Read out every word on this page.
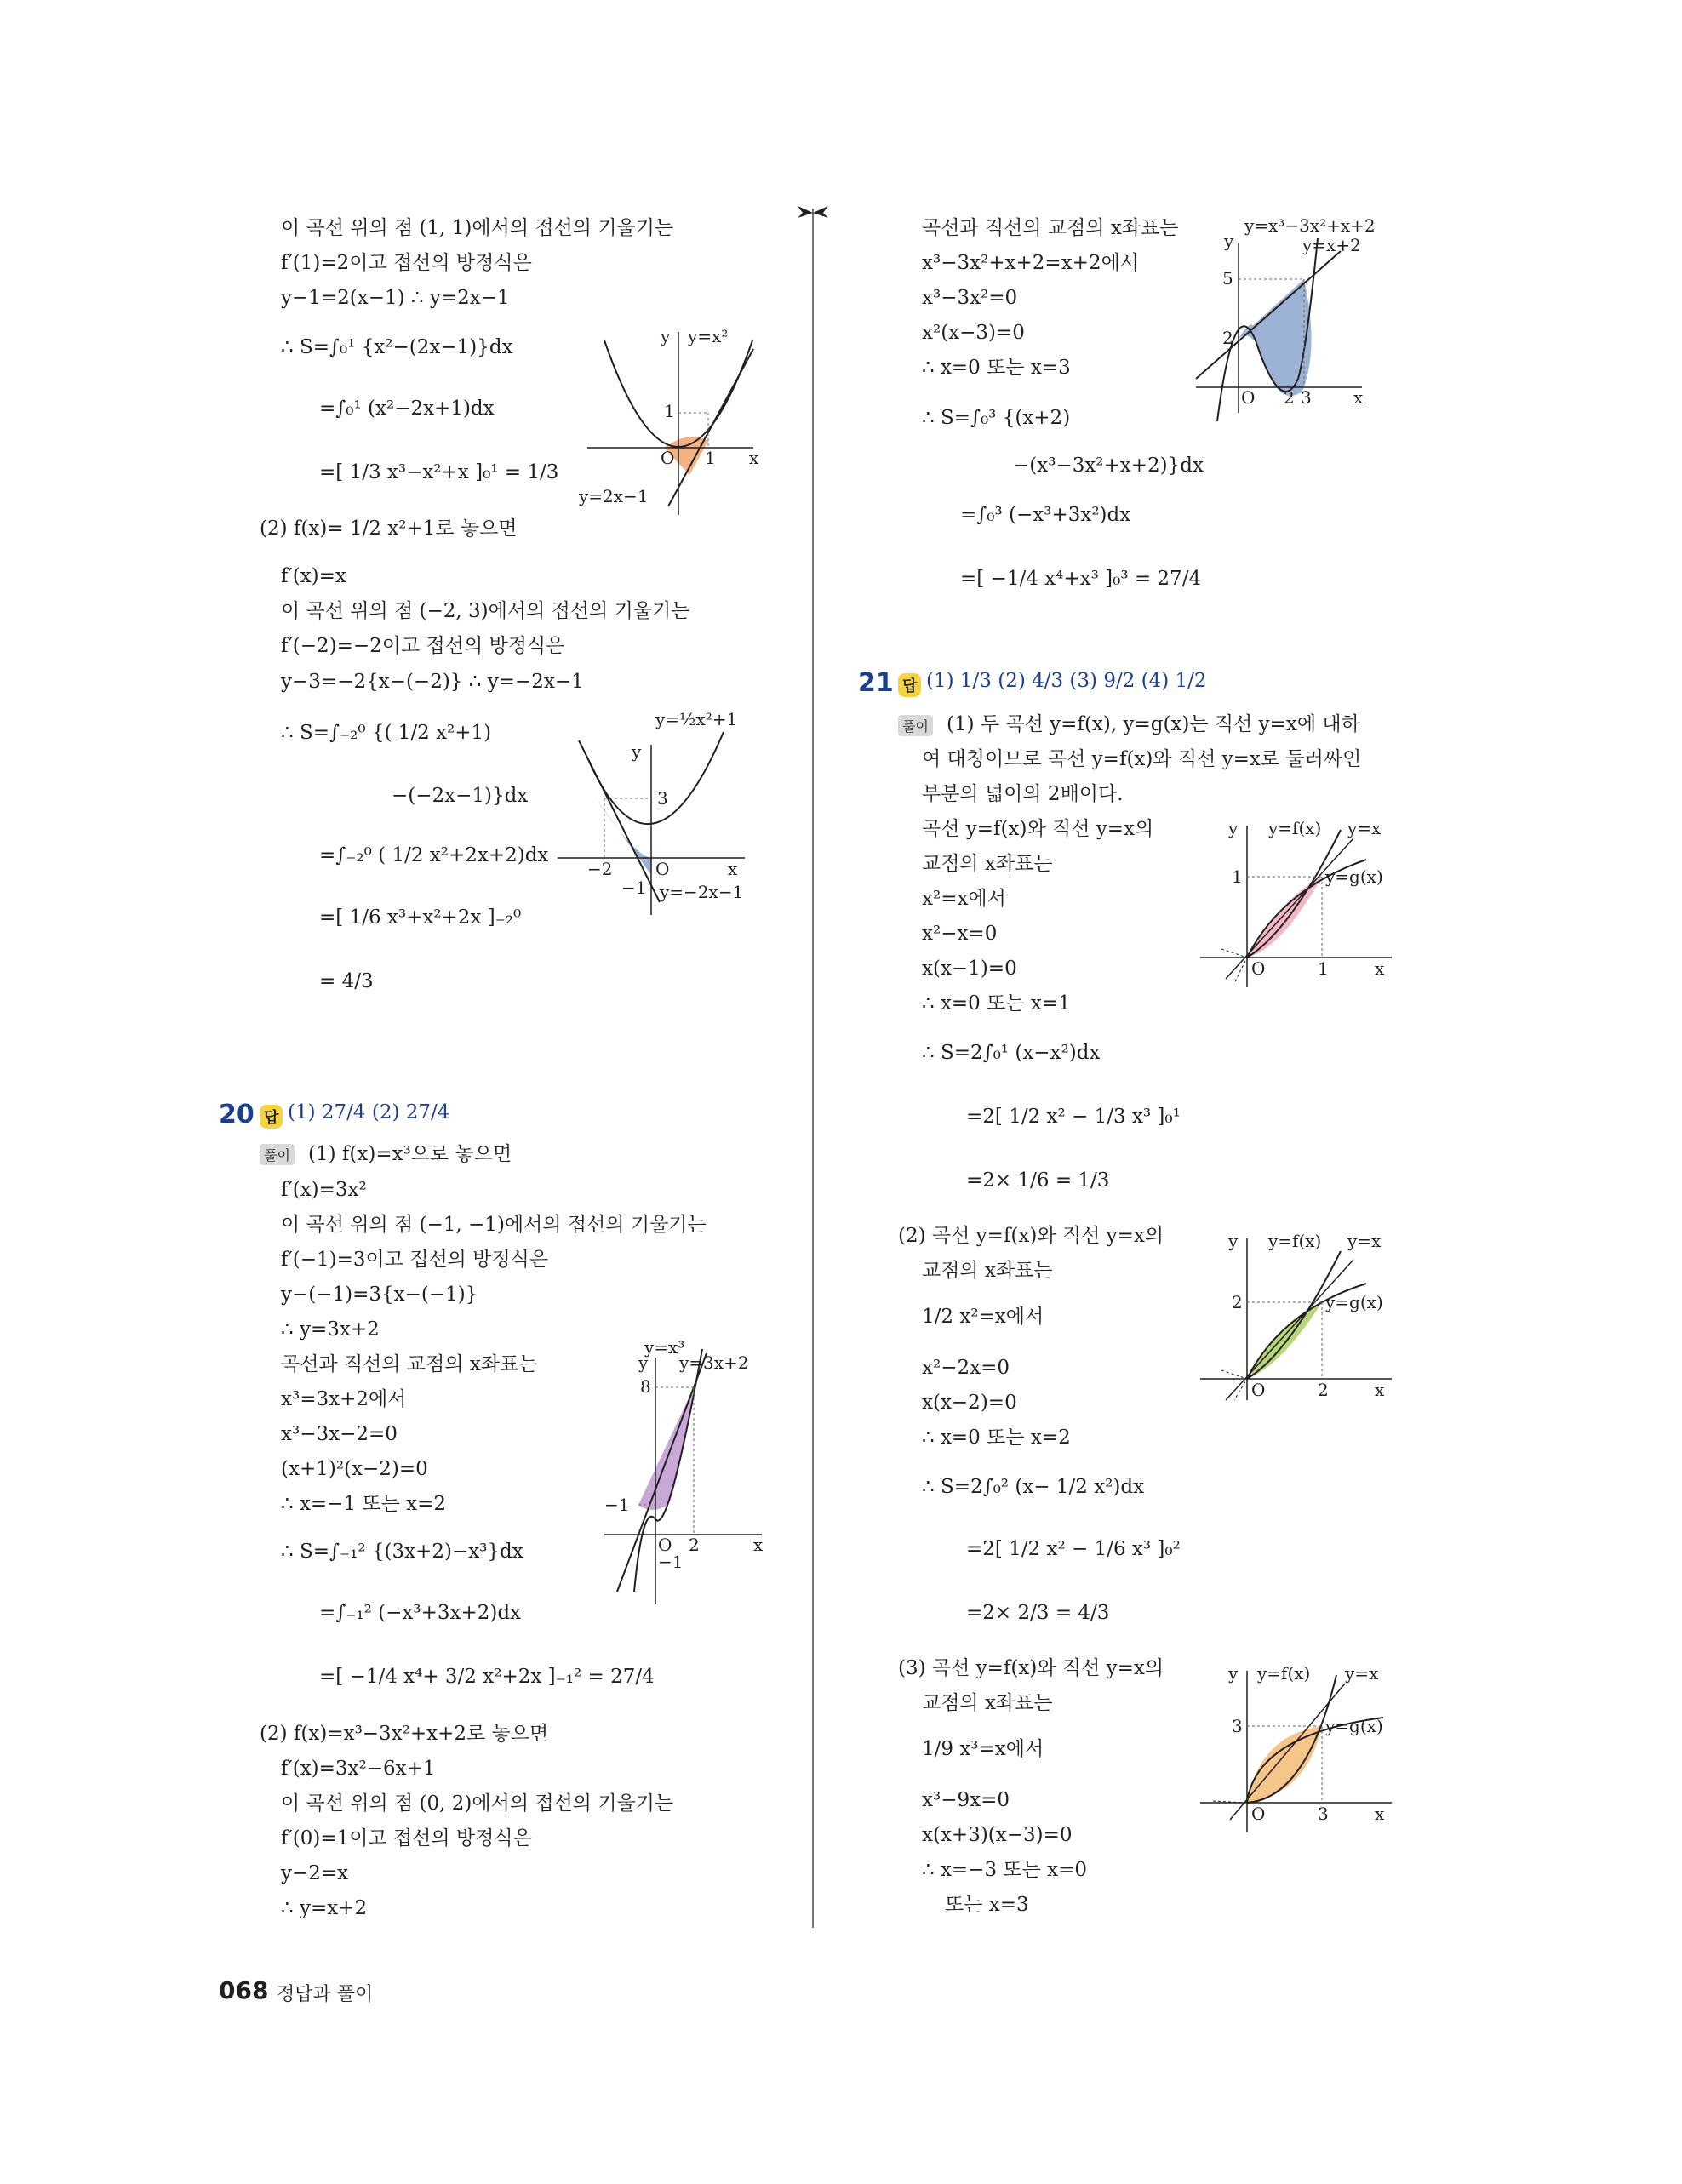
이 곡선 위의 점 (1, 1)에서의 접선의 기울기는
f′(1)=2이고 접선의 방정식은
y−1=2(x−1) ∴ y=2x−1
∴ S=∫₀¹ {x²−(2x−1)}dx
=∫₀¹ (x²−2x+1)dx
=[ 1/3 x³−x²+x ]₀¹ = 1/3
(2) f(x)= 1/2 x²+1로 놓으면
f′(x)=x
이 곡선 위의 점 (−2, 3)에서의 접선의 기울기는
f′(−2)=−2이고 접선의 방정식은
y−3=−2{x−(−2)} ∴ y=−2x−1
∴ S=∫₋₂⁰ {( 1/2 x²+1)
−(−2x−1)}dx
=∫₋₂⁰ ( 1/2 x²+2x+2)dx
=[ 1/6 x³+x²+2x ]₋₂⁰
= 4/3
20 답 (1) 27/4 (2) 27/4
풀이 (1) f(x)=x³으로 놓으면
f′(x)=3x²
이 곡선 위의 점 (−1, −1)에서의 접선의 기울기는
f′(−1)=3이고 접선의 방정식은
y−(−1)=3{x−(−1)}
∴ y=3x+2
곡선과 직선의 교점의 x좌표는
x³=3x+2에서
x³−3x−2=0
(x+1)²(x−2)=0
∴ x=−1 또는 x=2
∴ S=∫₋₁² {(3x+2)−x³}dx
=∫₋₁² (−x³+3x+2)dx
=[ −1/4 x⁴+ 3/2 x²+2x ]₋₁² = 27/4
(2) f(x)=x³−3x²+x+2로 놓으면
f′(x)=3x²−6x+1
이 곡선 위의 점 (0, 2)에서의 접선의 기울기는
f′(0)=1이고 접선의 방정식은
y−2=x
∴ y=x+2
y y=x²
1
O 1 x
y=2x−1
y
y=½x²+1
3
−2	O
−1
x
y=−2x−1
y
y=x³
y=3x+2
8
−1
O 2
−1
x
곡선과 직선의 교점의 x좌표는
x³−3x²+x+2=x+2에서
x³−3x²=0
x²(x−3)=0
∴ x=0 또는 x=3
∴ S=∫₀³ {(x+2)
−(x³−3x²+x+2)}dx
=∫₀³ (−x³+3x²)dx
=[ −1/4 x⁴+x³ ]₀³ = 27/4
21 답 (1) 1/3 (2) 4/3 (3) 9/2 (4) 1/2
풀이 (1) 두 곡선 y=f(x), y=g(x)는 직선 y=x에 대하
여 대칭이므로 곡선 y=f(x)와 직선 y=x로 둘러싸인
부분의 넓이의 2배이다.
곡선 y=f(x)와 직선 y=x의
교점의 x좌표는
x²=x에서
x²−x=0
x(x−1)=0
∴ x=0 또는 x=1
∴ S=2∫₀¹ (x−x²)dx
=2[ 1/2 x² − 1/3 x³ ]₀¹
=2× 1/6 = 1/3
(2) 곡선 y=f(x)와 직선 y=x의
교점의 x좌표는
1/2 x²=x에서
x²−2x=0
x(x−2)=0
∴ x=0 또는 x=2
∴ S=2∫₀² (x− 1/2 x²)dx
=2[ 1/2 x² − 1/6 x³ ]₀²
=2× 2/3 = 4/3
(3) 곡선 y=f(x)와 직선 y=x의
교점의 x좌표는
1/9 x³=x에서
x³−9x=0
x(x+3)(x−3)=0
∴ x=−3 또는 x=0
또는 x=3
y
y=x³−3x²+x+2
y=x+2
5
2
O 2 3 x
y y=f(x) y=x
y=g(x)
1
O	1	x
y y=f(x) y=x
y=g(x)
2
O	2	x
y y=f(x) y=x
y=g(x)
3
O	3	x
068 정답과 풀이
